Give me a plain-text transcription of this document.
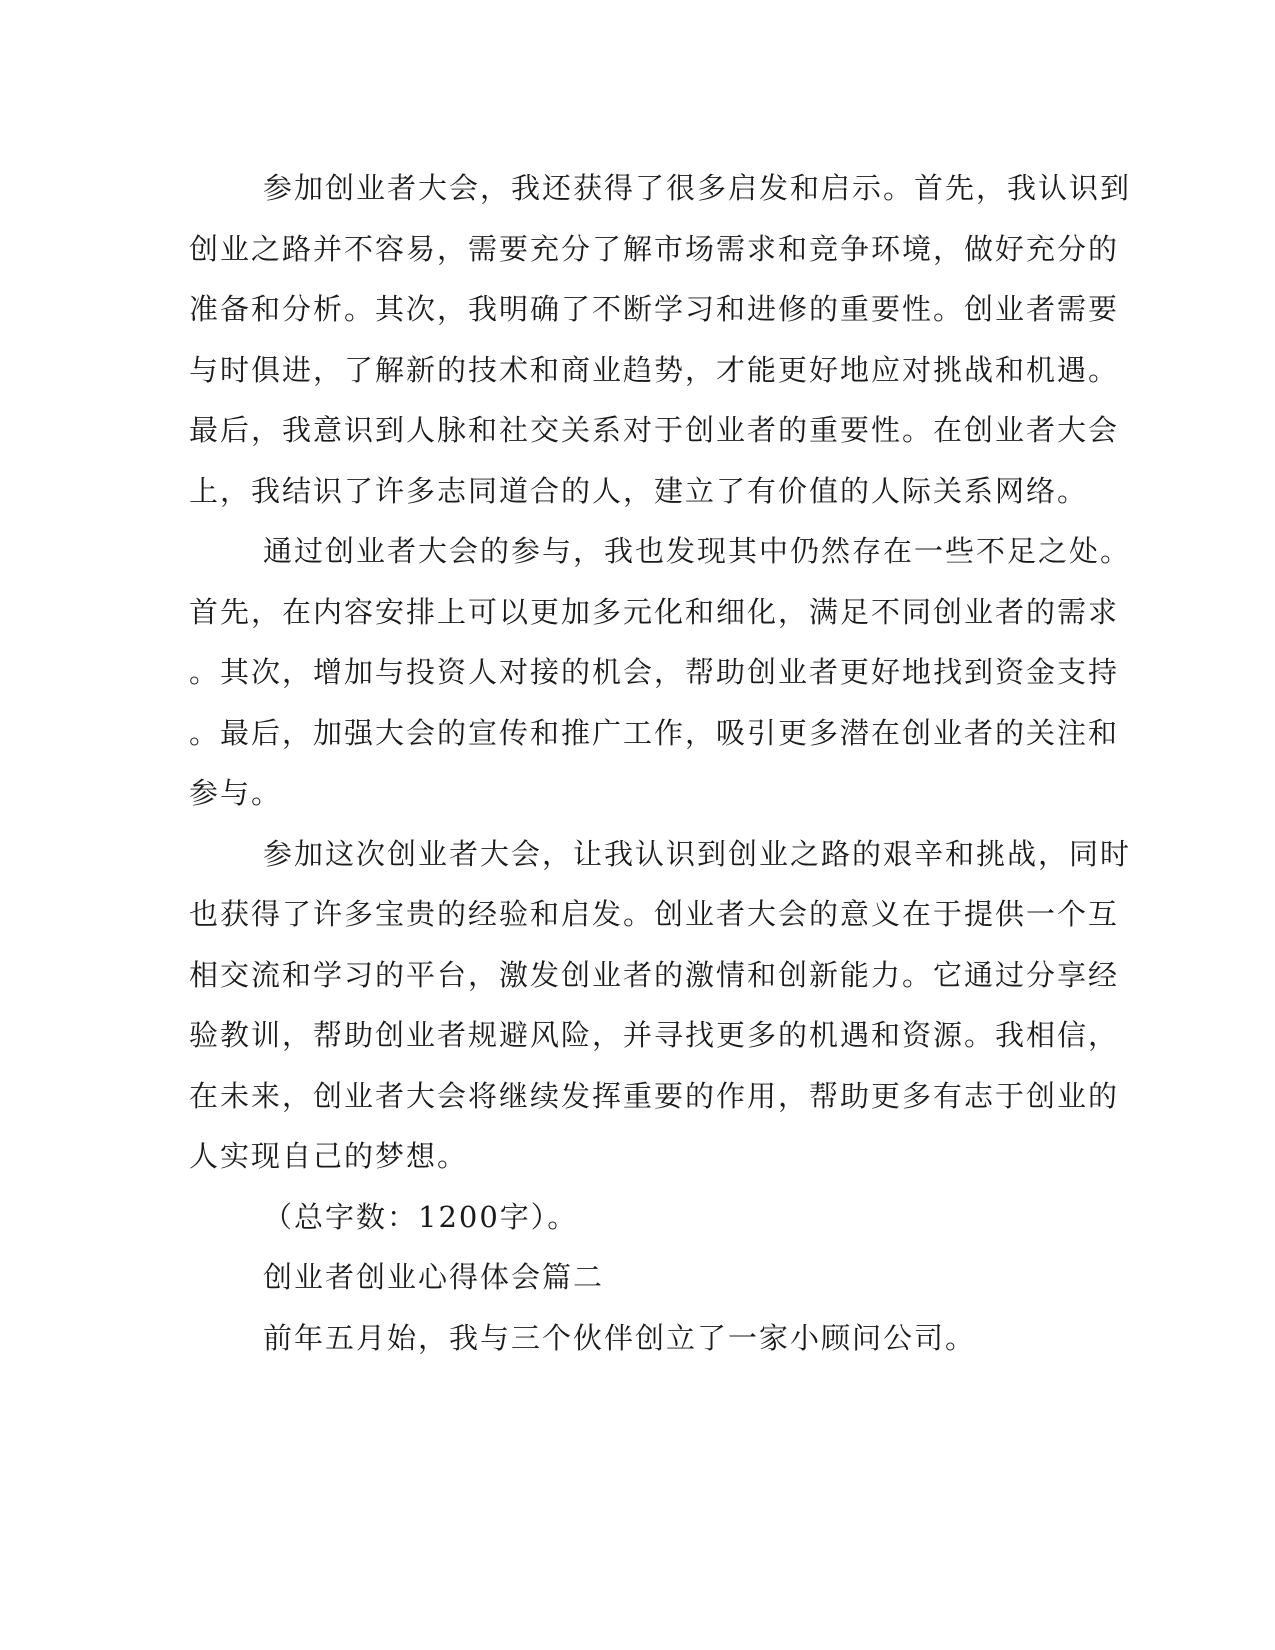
参加创业者大会，我还获得了很多启发和启示。首先，我认识到
创业之路并不容易，需要充分了解市场需求和竞争环境，做好充分的
准备和分析。其次，我明确了不断学习和进修的重要性。创业者需要
与时俱进，了解新的技术和商业趋势，才能更好地应对挑战和机遇。
最后，我意识到人脉和社交关系对于创业者的重要性。在创业者大会
上，我结识了许多志同道合的人，建立了有价值的人际关系网络。
通过创业者大会的参与，我也发现其中仍然存在一些不足之处。
首先，在内容安排上可以更加多元化和细化，满足不同创业者的需求
。其次，增加与投资人对接的机会，帮助创业者更好地找到资金支持
。最后，加强大会的宣传和推广工作，吸引更多潜在创业者的关注和
参与。
参加这次创业者大会，让我认识到创业之路的艰辛和挑战，同时
也获得了许多宝贵的经验和启发。创业者大会的意义在于提供一个互
相交流和学习的平台，激发创业者的激情和创新能力。它通过分享经
验教训，帮助创业者规避风险，并寻找更多的机遇和资源。我相信，
在未来，创业者大会将继续发挥重要的作用，帮助更多有志于创业的
人实现自己的梦想。

（总字数：1200字）。

创业者创业心得体会篇二

前年五月始，我与三个伙伴创立了一家小顾问公司。
